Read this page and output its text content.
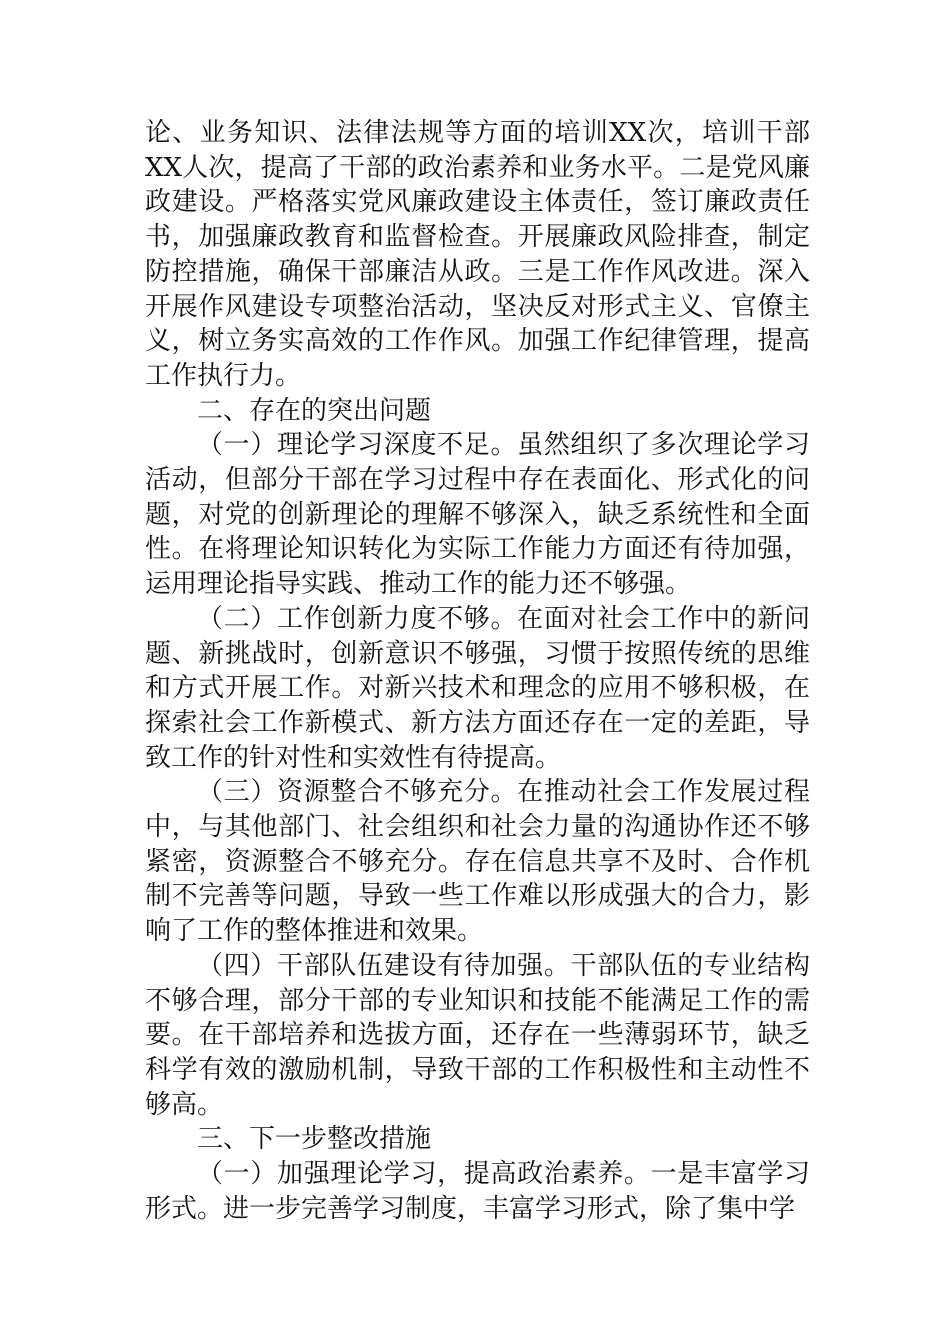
论、业务知识、法律法规等方面的培训XX次，培训干部XX人次，提高了干部的政治素养和业务水平。二是党风廉政建设。严格落实党风廉政建设主体责任，签订廉政责任书，加强廉政教育和监督检查。开展廉政风险排查，制定防控措施，确保干部廉洁从政。三是工作作风改进。深入开展作风建设专项整治活动，坚决反对形式主义、官僚主义，树立务实高效的工作作风。加强工作纪律管理，提高工作执行力。

二、存在的突出问题

（一）理论学习深度不足。虽然组织了多次理论学习活动，但部分干部在学习过程中存在表面化、形式化的问题，对党的创新理论的理解不够深入，缺乏系统性和全面性。在将理论知识转化为实际工作能力方面还有待加强，运用理论指导实践、推动工作的能力还不够强。

（二）工作创新力度不够。在面对社会工作中的新问题、新挑战时，创新意识不够强，习惯于按照传统的思维和方式开展工作。对新兴技术和理念的应用不够积极，在探索社会工作新模式、新方法方面还存在一定的差距，导致工作的针对性和实效性有待提高。

（三）资源整合不够充分。在推动社会工作发展过程中，与其他部门、社会组织和社会力量的沟通协作还不够紧密，资源整合不够充分。存在信息共享不及时、合作机制不完善等问题，导致一些工作难以形成强大的合力，影响了工作的整体推进和效果。

（四）干部队伍建设有待加强。干部队伍的专业结构不够合理，部分干部的专业知识和技能不能满足工作的需要。在干部培养和选拔方面，还存在一些薄弱环节，缺乏科学有效的激励机制，导致干部的工作积极性和主动性不够高。

三、下一步整改措施

（一）加强理论学习，提高政治素养。一是丰富学习形式。进一步完善学习制度，丰富学习形式，除了集中学
